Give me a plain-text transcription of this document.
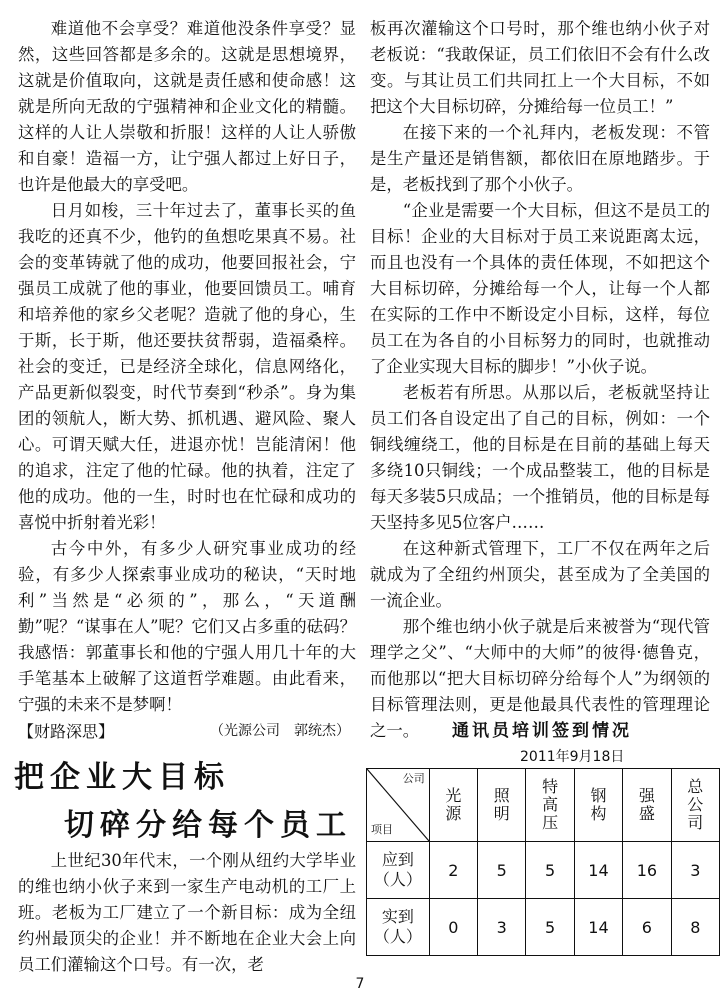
难道他不会享受？难道他没条件享受？显然，这些回答都是多余的。这就是思想境界，这就是价值取向，这就是责任感和使命感！这就是所向无敌的宁强精神和企业文化的精髓。这样的人让人崇敬和折服！这样的人让人骄傲和自豪！造福一方，让宁强人都过上好日子，也许是他最大的享受吧。

日月如梭，三十年过去了，董事长买的鱼我吃的还真不少，他钓的鱼想吃果真不易。社会的变革铸就了他的成功，他要回报社会，宁强员工成就了他的事业，他要回馈员工。哺育和培养他的家乡父老呢？造就了他的身心，生于斯，长于斯，他还要扶贫帮弱，造福桑梓。社会的变迁，已是经济全球化，信息网络化，产品更新似裂变，时代节奏到“秒杀”。身为集团的领航人，断大势、抓机遇、避风险、聚人心。可谓天赋大任，进退亦忧！岂能清闲！他的追求，注定了他的忙碌。他的执着，注定了他的成功。他的一生，时时也在忙碌和成功的喜悦中折射着光彩！

古今中外，有多少人研究事业成功的经验，有多少人探索事业成功的秘诀，“天时地利”当然是“必须的”，那么，“天道酬勤”呢？“谋事在人”呢？它们又占多重的砝码？我感悟：郭董事长和他的宁强人用几十年的大手笔基本上破解了这道哲学难题。由此看来，宁强的未来不是梦啊！

（光源公司　郭统杰）
【财路深思】
把企业大目标
切碎分给每个员工

上世纪30年代末，一个刚从纽约大学毕业的维也纳小伙子来到一家生产电动机的工厂上班。老板为工厂建立了一个新目标：成为全纽约州最顶尖的企业！并不断地在企业大会上向员工们灌输这个口号。有一次，老

板再次灌输这个口号时，那个维也纳小伙子对老板说：“我敢保证，员工们依旧不会有什么改变。与其让员工们共同扛上一个大目标，不如把这个大目标切碎，分摊给每一位员工！”

在接下来的一个礼拜内，老板发现：不管是生产量还是销售额，都依旧在原地踏步。于是，老板找到了那个小伙子。

“企业是需要一个大目标，但这不是员工的目标！企业的大目标对于员工来说距离太远，而且也没有一个具体的责任体现，不如把这个大目标切碎，分摊给每一个人，让每一个人都在实际的工作中不断设定小目标，这样，每位员工在为各自的小目标努力的同时，也就推动了企业实现大目标的脚步！”小伙子说。

老板若有所思。从那以后，老板就坚持让员工们各自设定出了自己的目标，例如：一个铜线缠绕工，他的目标是在目前的基础上每天多绕10只铜线；一个成品整装工，他的目标是每天多装5只成品；一个推销员，他的目标是每天坚持多见5位客户……

在这种新式管理下，工厂不仅在两年之后就成为了全纽约州顶尖，甚至成为了全美国的一流企业。

那个维也纳小伙子就是后来被誉为“现代管理学之父”、“大师中的大师”的彼得·德鲁克，而他那以“把大目标切碎分给每个人”为纲领的目标管理法则，更是他最具代表性的管理理论之一。	通讯员培训签到情况
2011年9月18日
公司
项目	光源	照明	特高压	钢构	强盛	总公司
应到（人）	2	5	5	14	16	3
实到（人）	0	3	5	14	6	8
7
